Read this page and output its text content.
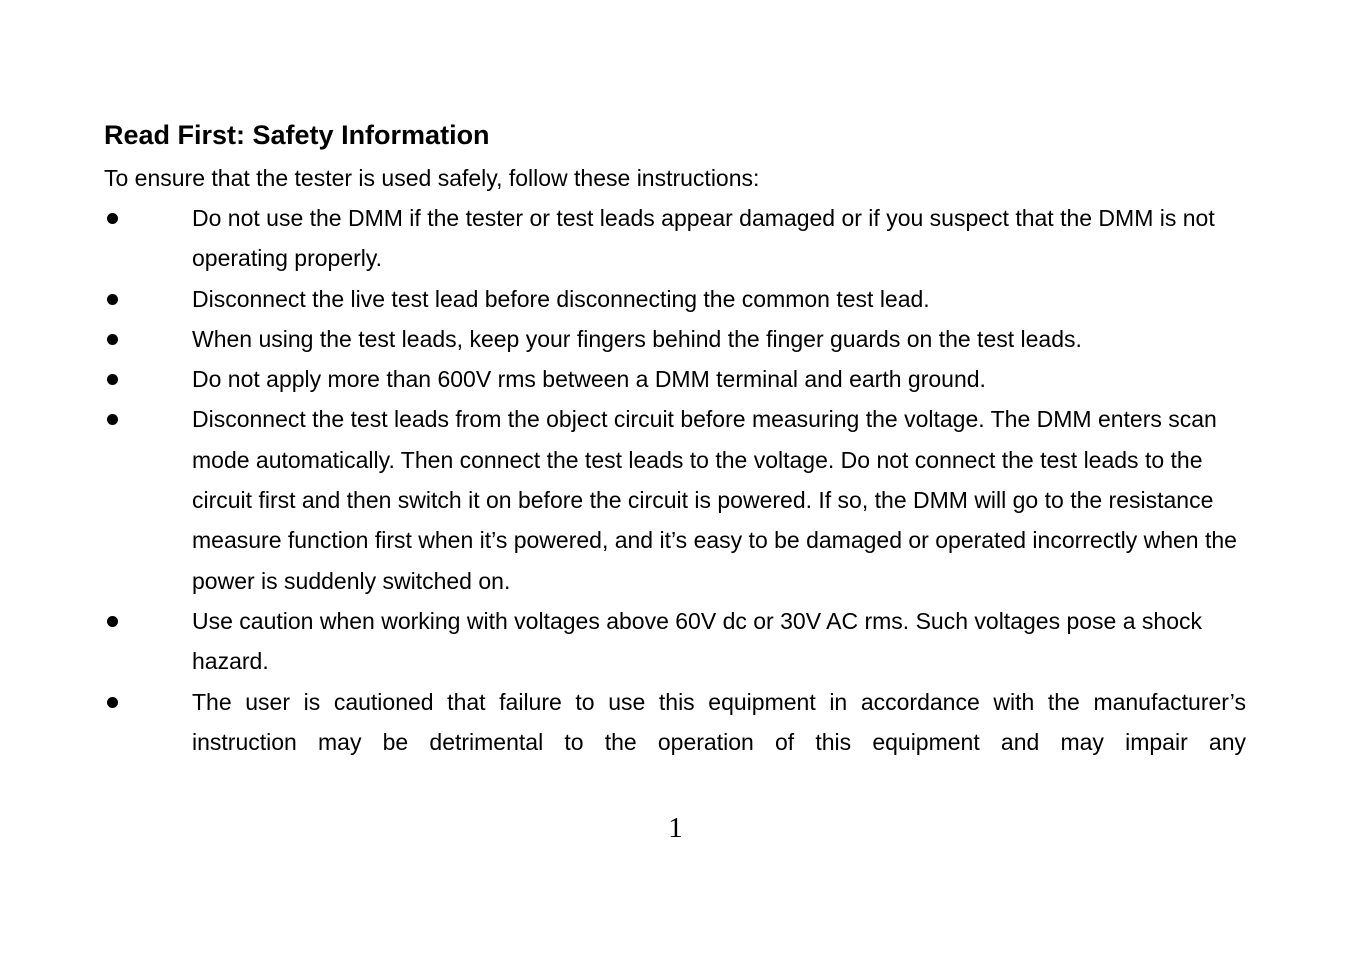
Read First: Safety Information

To ensure that the tester is used safely, follow these instructions:

Do not use the DMM if the tester or test leads appear damaged or if you suspect that the DMM is not operating properly.
Disconnect the live test lead before disconnecting the common test lead.
When using the test leads, keep your fingers behind the finger guards on the test leads.
Do not apply more than 600V rms between a DMM terminal and earth ground.
Disconnect the test leads from the object circuit before measuring the voltage. The DMM enters scan mode automatically. Then connect the test leads to the voltage. Do not connect the test leads to the circuit first and then switch it on before the circuit is powered. If so, the DMM will go to the resistance measure function first when it’s powered, and it’s easy to be damaged or operated incorrectly when the power is suddenly switched on.
Use caution when working with voltages above 60V dc or 30V AC rms. Such voltages pose a shock hazard.
The user is cautioned that failure to use this equipment in accordance with the manufacturer’s instruction may be detrimental to the operation of this equipment and may impair any
1
